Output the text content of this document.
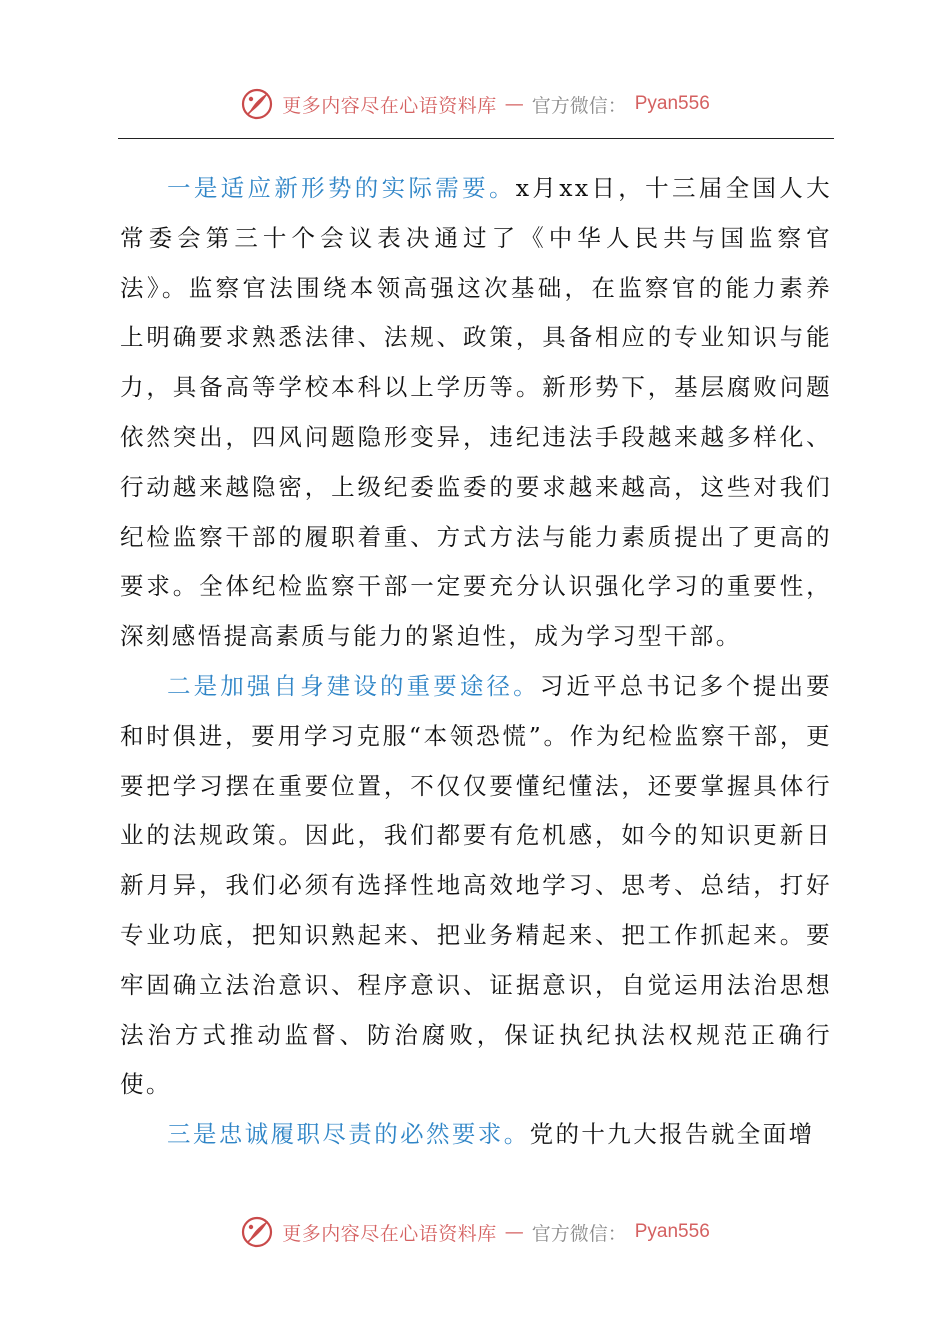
更多内容尽在心语资料库 — 官方微信： Pyan556

一是适应新形势的实际需要。x月xx日，十三届全国人大常委会第三十个会议表决通过了《中华人民共与国监察官法》。监察官法围绕本领高强这次基础，在监察官的能力素养上明确要求熟悉法律、法规、政策，具备相应的专业知识与能力，具备高等学校本科以上学历等。新形势下，基层腐败问题依然突出，四风问题隐形变异，违纪违法手段越来越多样化、行动越来越隐密，上级纪委监委的要求越来越高，这些对我们纪检监察干部的履职着重、方式方法与能力素质提出了更高的要求。全体纪检监察干部一定要充分认识强化学习的重要性，深刻感悟提高素质与能力的紧迫性，成为学习型干部。

二是加强自身建设的重要途径。习近平总书记多个提出要和时俱进，要用学习克服“本领恐慌”。作为纪检监察干部，更要把学习摆在重要位置，不仅仅要懂纪懂法，还要掌握具体行业的法规政策。因此，我们都要有危机感，如今的知识更新日新月异，我们必须有选择性地高效地学习、思考、总结，打好专业功底，把知识熟起来、把业务精起来、把工作抓起来。要牢固确立法治意识、程序意识、证据意识，自觉运用法治思想法治方式推动监督、防治腐败，保证执纪执法权规范正确行使。

三是忠诚履职尽责的必然要求。党的十九大报告就全面增

更多内容尽在心语资料库 — 官方微信： Pyan556
